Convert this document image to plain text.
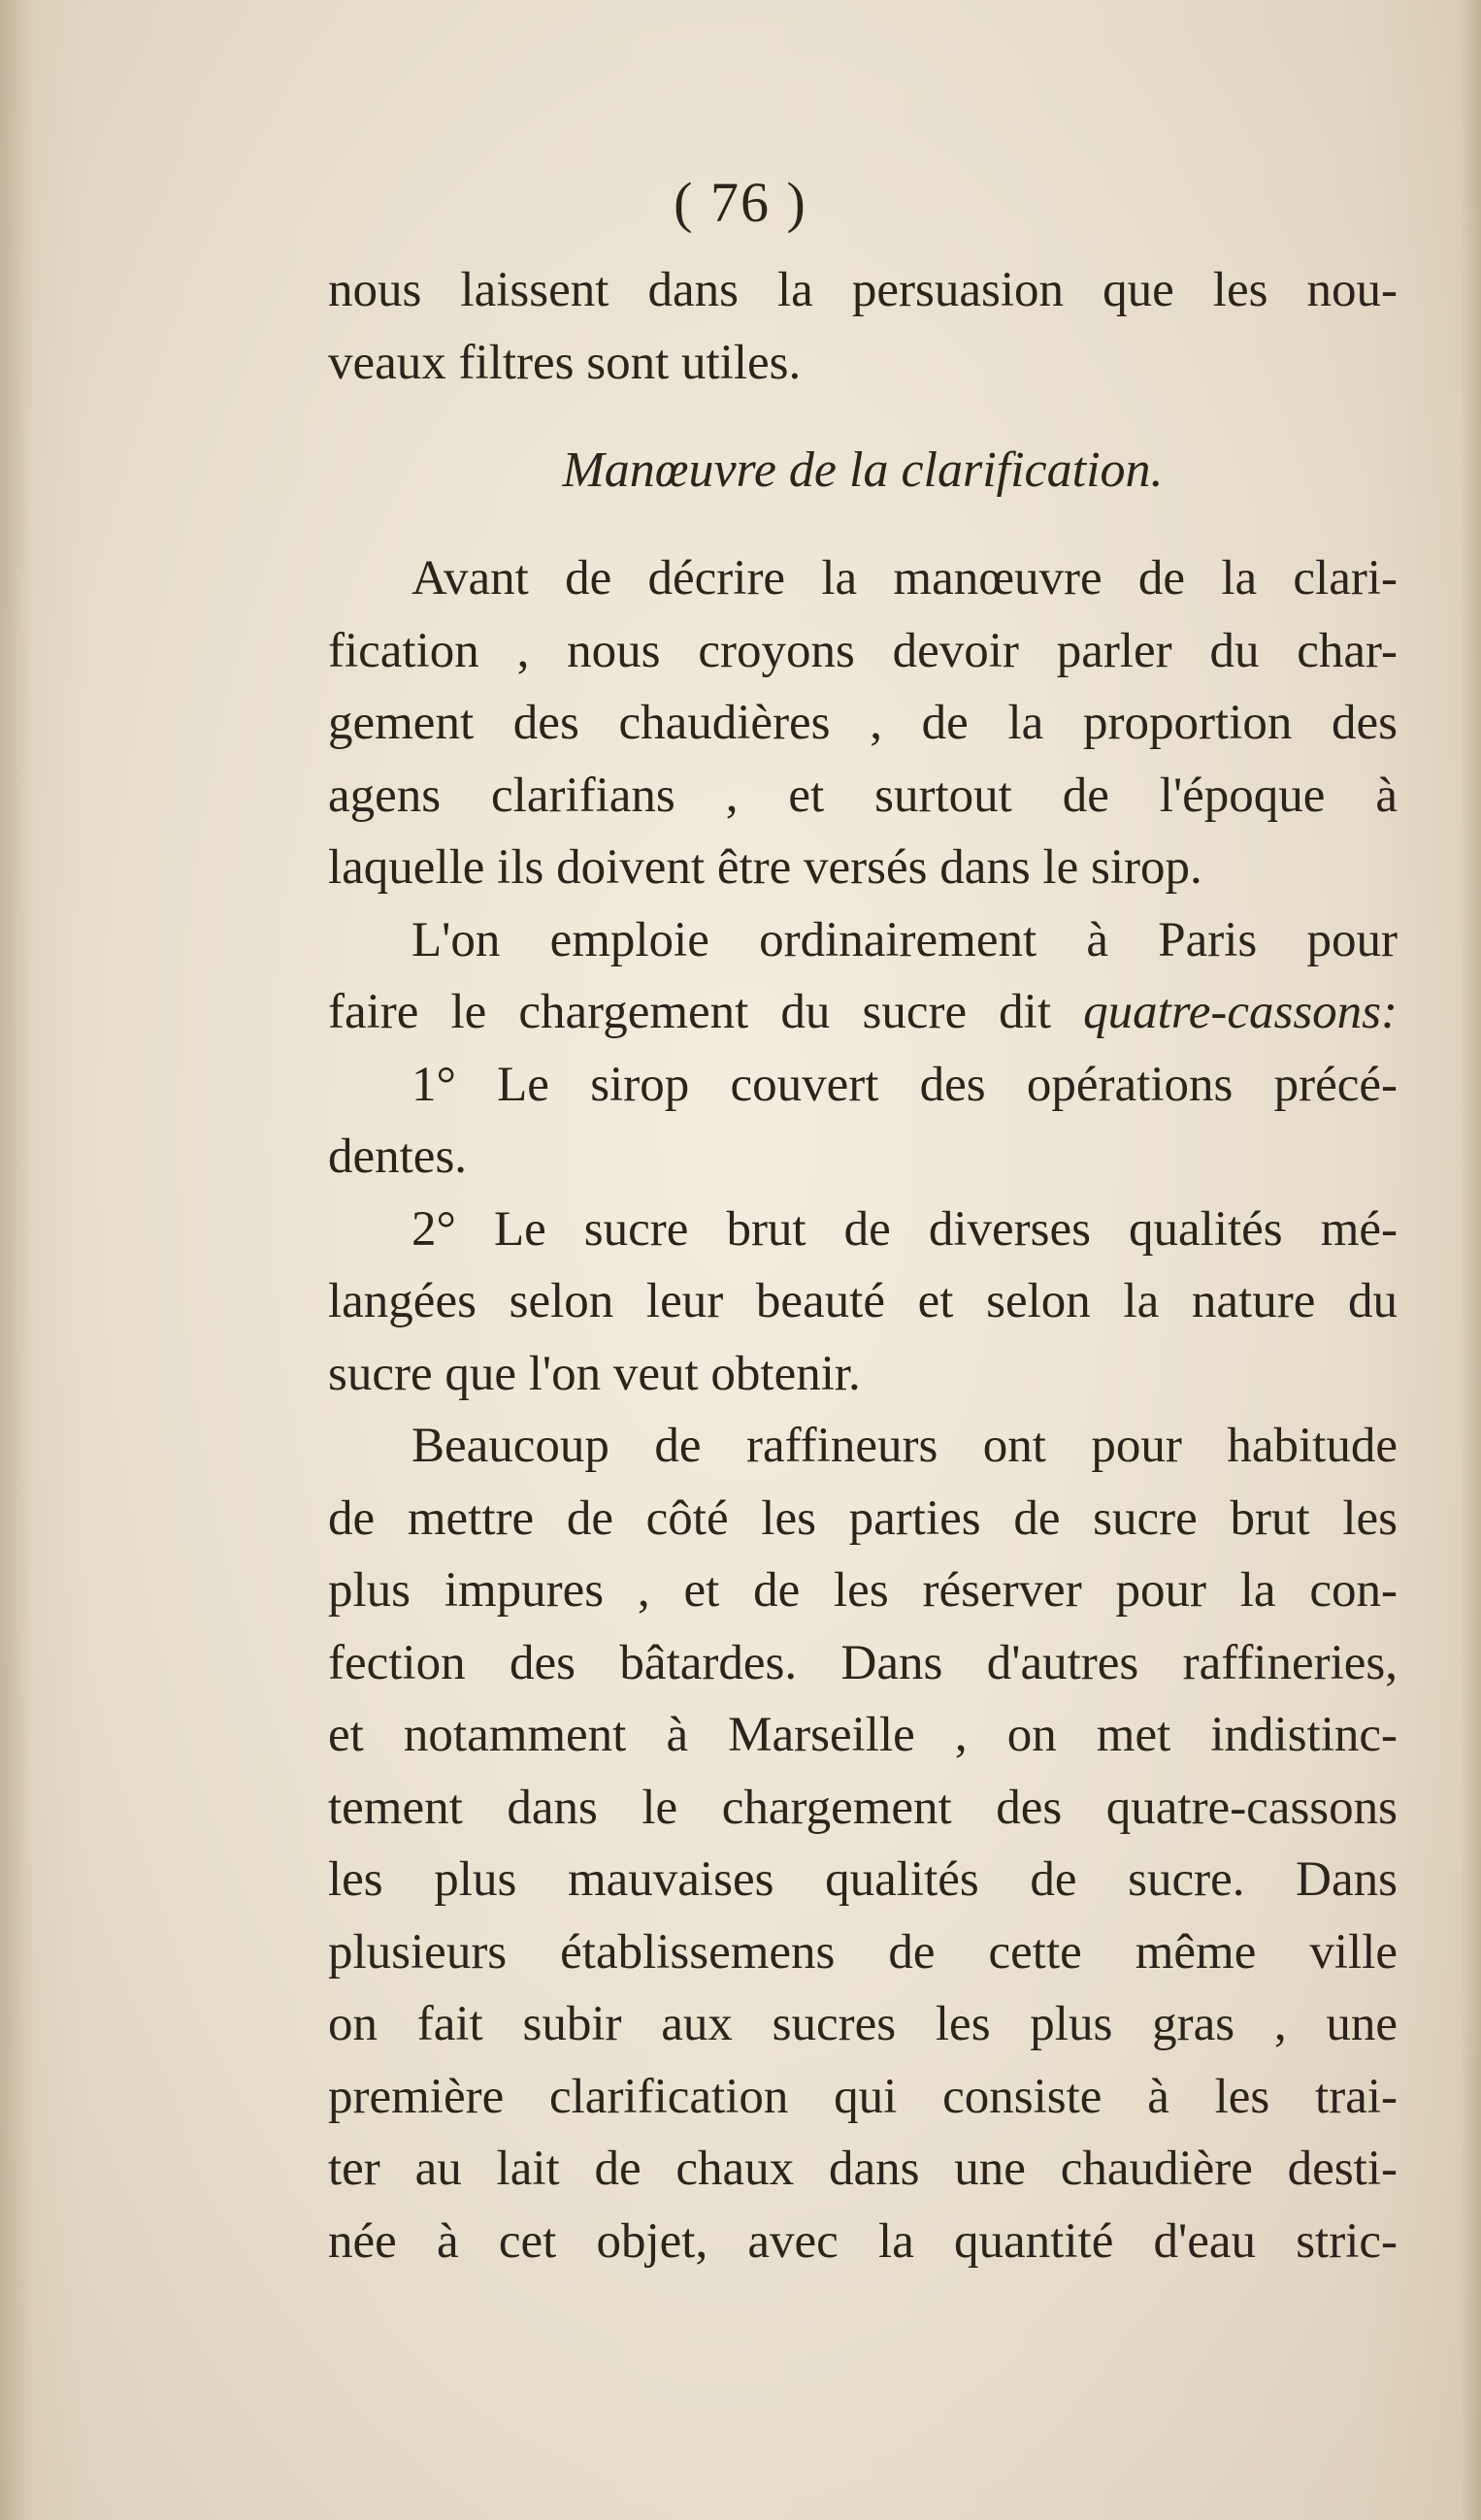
( 76 )
nous laissent dans la persuasion que les nou-
veaux filtres sont utiles.
Manœuvre de la clarification.
Avant de décrire la manœuvre de la clari-
fication , nous croyons devoir parler du char-
gement des chaudières , de la proportion des
agens clarifians , et surtout de l'époque à
laquelle ils doivent être versés dans le sirop.
L'on emploie ordinairement à Paris pour
faire le chargement du sucre dit quatre-cassons:
1° Le sirop couvert des opérations précé-
dentes.
2° Le sucre brut de diverses qualités mé-
langées selon leur beauté et selon la nature du
sucre que l'on veut obtenir.
Beaucoup de raffineurs ont pour habitude
de mettre de côté les parties de sucre brut les
plus impures , et de les réserver pour la con-
fection des bâtardes. Dans d'autres raffineries,
et notamment à Marseille , on met indistinc-
tement dans le chargement des quatre-cassons
les plus mauvaises qualités de sucre. Dans
plusieurs établissemens de cette même ville
on fait subir aux sucres les plus gras , une
première clarification qui consiste à les trai-
ter au lait de chaux dans une chaudière desti-
née à cet objet, avec la quantité d'eau stric-
